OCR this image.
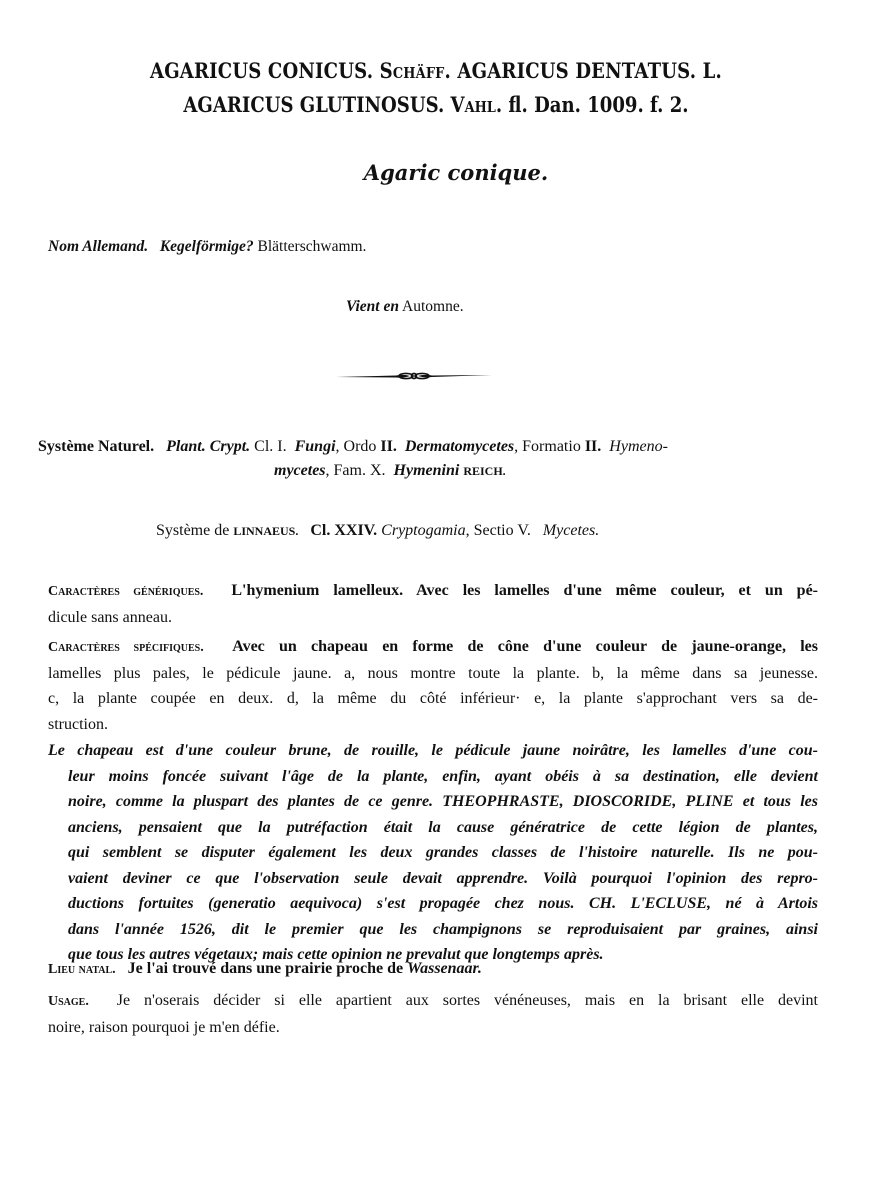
AGARICUS CONICUS. Schäff. AGARICUS DENTATUS. L.
AGARICUS GLUTINOSUS. Vahl. fl. Dan. 1009. f. 2.
Agaric conique.
Nom Allemand. Kegelförmige? Blätterschwamm.
Vient en Automne.
Système Naturel. Plant. Crypt. Cl. I. Fungi, Ordo II. Dermatomycetes, Formatio II. Hymeno-
mycetes, Fam. X. Hymenini REICH.
Système de LINNAEUS. Cl. XXIV. Cryptogamia, Sectio V. Mycetes.
Caractères génériques. L'hymenium lamelleux. Avec les lamelles d'une même couleur, et un pé-
dicule sans anneau.
Caractères spécifiques. Avec un chapeau en forme de cône d'une couleur de jaune-orange, les
lamelles plus pales, le pédicule jaune. a, nous montre toute la plante. b, la même dans sa jeunesse.
c, la plante coupée en deux. d, la même du côté inférieur· e, la plante s'approchant vers sa de-
struction.
Le chapeau est d'une couleur brune, de rouille, le pédicule jaune noirâtre, les lamelles d'une cou-
leur moins foncée suivant l'âge de la plante, enfin, ayant obéis à sa destination, elle devient
noire, comme la pluspart des plantes de ce genre. THEOPHRASTE, DIOSCORIDE, PLINE et tous les
anciens, pensaient que la putréfaction était la cause génératrice de cette légion de plantes,
qui semblent se disputer également les deux grandes classes de l'histoire naturelle. Ils ne pou-
vaient deviner ce que l'observation seule devait apprendre. Voilà pourquoi l'opinion des repro-
ductions fortuites (generatio aequivoca) s'est propagée chez nous. CH. L'ECLUSE, né à Artois
dans l'année 1526, dit le premier que les champignons se reproduisaient par graines, ainsi
que tous les autres végetaux; mais cette opinion ne prevalut que longtemps après.
Lieu natal. Je l'ai trouvé dans une prairie proche de Wassenaar.
Usage. Je n'oserais décider si elle apartient aux sortes vénéneuses, mais en la brisant elle devint
noire, raison pourquoi je m'en défie.
